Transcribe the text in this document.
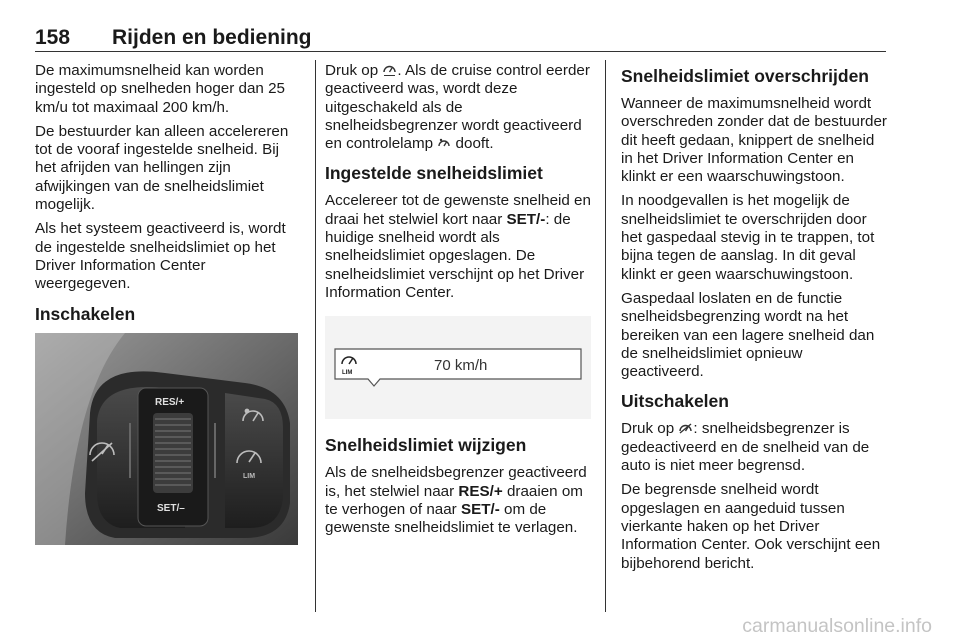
158 Rijden en bediening

De maximumsnelheid kan worden ingesteld op snelheden hoger dan 25 km/u tot maximaal 200 km/h.

De bestuurder kan alleen accelereren tot de vooraf ingestelde snelheid. Bij het afrijden van hellingen zijn afwijkingen van de snelheidslimiet mogelijk.

Als het systeem geactiveerd is, wordt de ingestelde snelheidslimiet op het Driver Information Center weergegeven.

Inschakelen
RES/+
SET/–
LIM

Druk op . Als de cruise control eerder geactiveerd was, wordt deze uitgeschakeld als de snelheidsbegrenzer wordt geactiveerd en controlelamp dooft.

Ingestelde snelheidslimiet

Accelereer tot de gewenste snelheid en draai het stelwiel kort naar SET/-: de huidige snelheid wordt als snelheidslimiet opgeslagen. De snelheidslimiet verschijnt op het Driver Information Center.

LIM	70 km/h
Snelheidslimiet wijzigen

Als de snelheidsbegrenzer geactiveerd is, het stelwiel naar RES/+ draaien om te verhogen of naar SET/- om de gewenste snelheidslimiet te verlagen.

Snelheidslimiet overschrijden

Wanneer de maximumsnelheid wordt overschreden zonder dat de bestuurder dit heeft gedaan, knippert de snelheid in het Driver Information Center en klinkt er een waarschuwingstoon.

In noodgevallen is het mogelijk de snelheidslimiet te overschrijden door het gaspedaal stevig in te trappen, tot bijna tegen de aanslag. In dit geval klinkt er geen waarschuwingstoon.

Gaspedaal loslaten en de functie snelheidsbegrenzing wordt na het bereiken van een lagere snelheid dan de snelheidslimiet opnieuw geactiveerd.

Uitschakelen

Druk op : snelheidsbegrenzer is gedeactiveerd en de snelheid van de auto is niet meer begrensd.

De begrensde snelheid wordt opgeslagen en aangeduid tussen vierkante haken op het Driver Information Center. Ook verschijnt een bijbehorend bericht.

carmanualsonline.info
